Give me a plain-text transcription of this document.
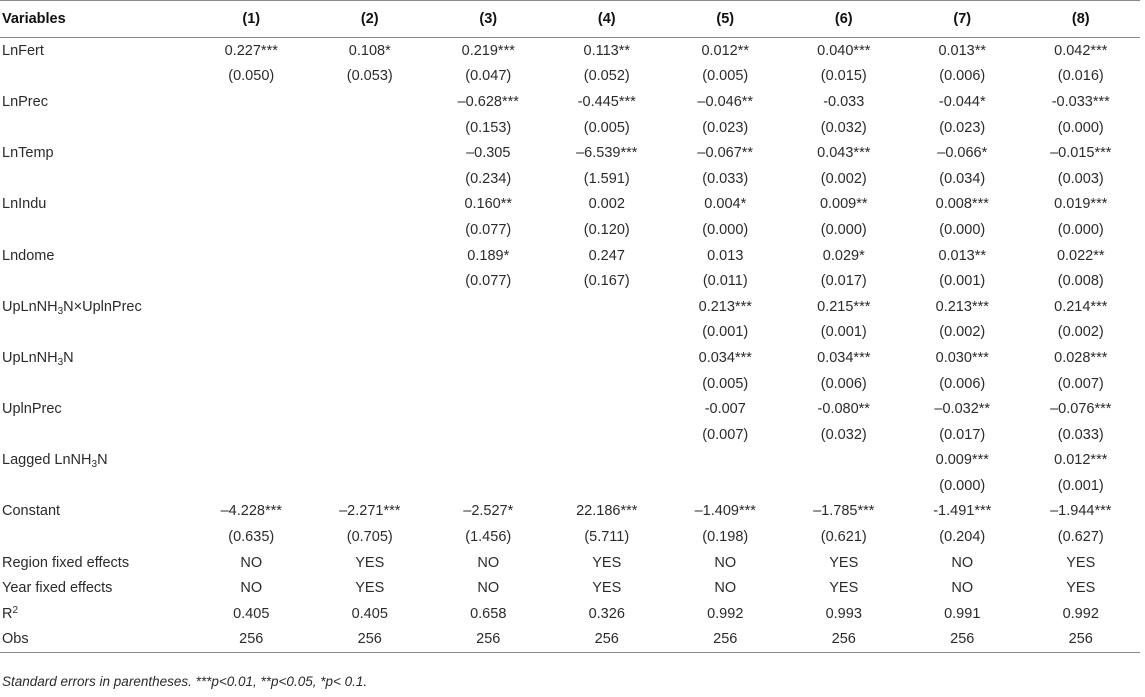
Variables	(1)	(2)	(3)	(4)	(5)	(6)	(7)	(8)
LnFert	0.227***	0.108*	0.219***	0.113**	0.012**	0.040***	0.013**	0.042***
	(0.050)	(0.053)	(0.047)	(0.052)	(0.005)	(0.015)	(0.006)	(0.016)
LnPrec			–0.628***	-0.445***	–0.046**	-0.033	-0.044*	-0.033***
			(0.153)	(0.005)	(0.023)	(0.032)	(0.023)	(0.000)
LnTemp			–0.305	–6.539***	–0.067**	0.043***	–0.066*	–0.015***
			(0.234)	(1.591)	(0.033)	(0.002)	(0.034)	(0.003)
LnIndu			0.160**	0.002	0.004*	0.009**	0.008***	0.019***
			(0.077)	(0.120)	(0.000)	(0.000)	(0.000)	(0.000)
Lndome			0.189*	0.247	0.013	0.029*	0.013**	0.022**
			(0.077)	(0.167)	(0.011)	(0.017)	(0.001)	(0.008)
UpLnNH$_3$N×UplnPrec					0.213***	0.215***	0.213***	0.214***
					(0.001)	(0.001)	(0.002)	(0.002)
UpLnNH$_3$N					0.034***	0.034***	0.030***	0.028***
					(0.005)	(0.006)	(0.006)	(0.007)
UplnPrec					-0.007	-0.080**	–0.032**	–0.076***
					(0.007)	(0.032)	(0.017)	(0.033)
Lagged LnNH$_3$N							0.009***	0.012***
							(0.000)	(0.001)
Constant	–4.228***	–2.271***	–2.527*	22.186***	–1.409***	–1.785***	-1.491***	–1.944***
	(0.635)	(0.705)	(1.456)	(5.711)	(0.198)	(0.621)	(0.204)	(0.627)
Region fixed effects	NO	YES	NO	YES	NO	YES	NO	YES
Year fixed effects	NO	YES	NO	YES	NO	YES	NO	YES
$R^2$	0.405	0.405	0.658	0.326	0.992	0.993	0.991	0.992
Obs	256	256	256	256	256	256	256	256
Standard errors in parentheses. ***p<0.01, **p<0.05, *p< 0.1.
